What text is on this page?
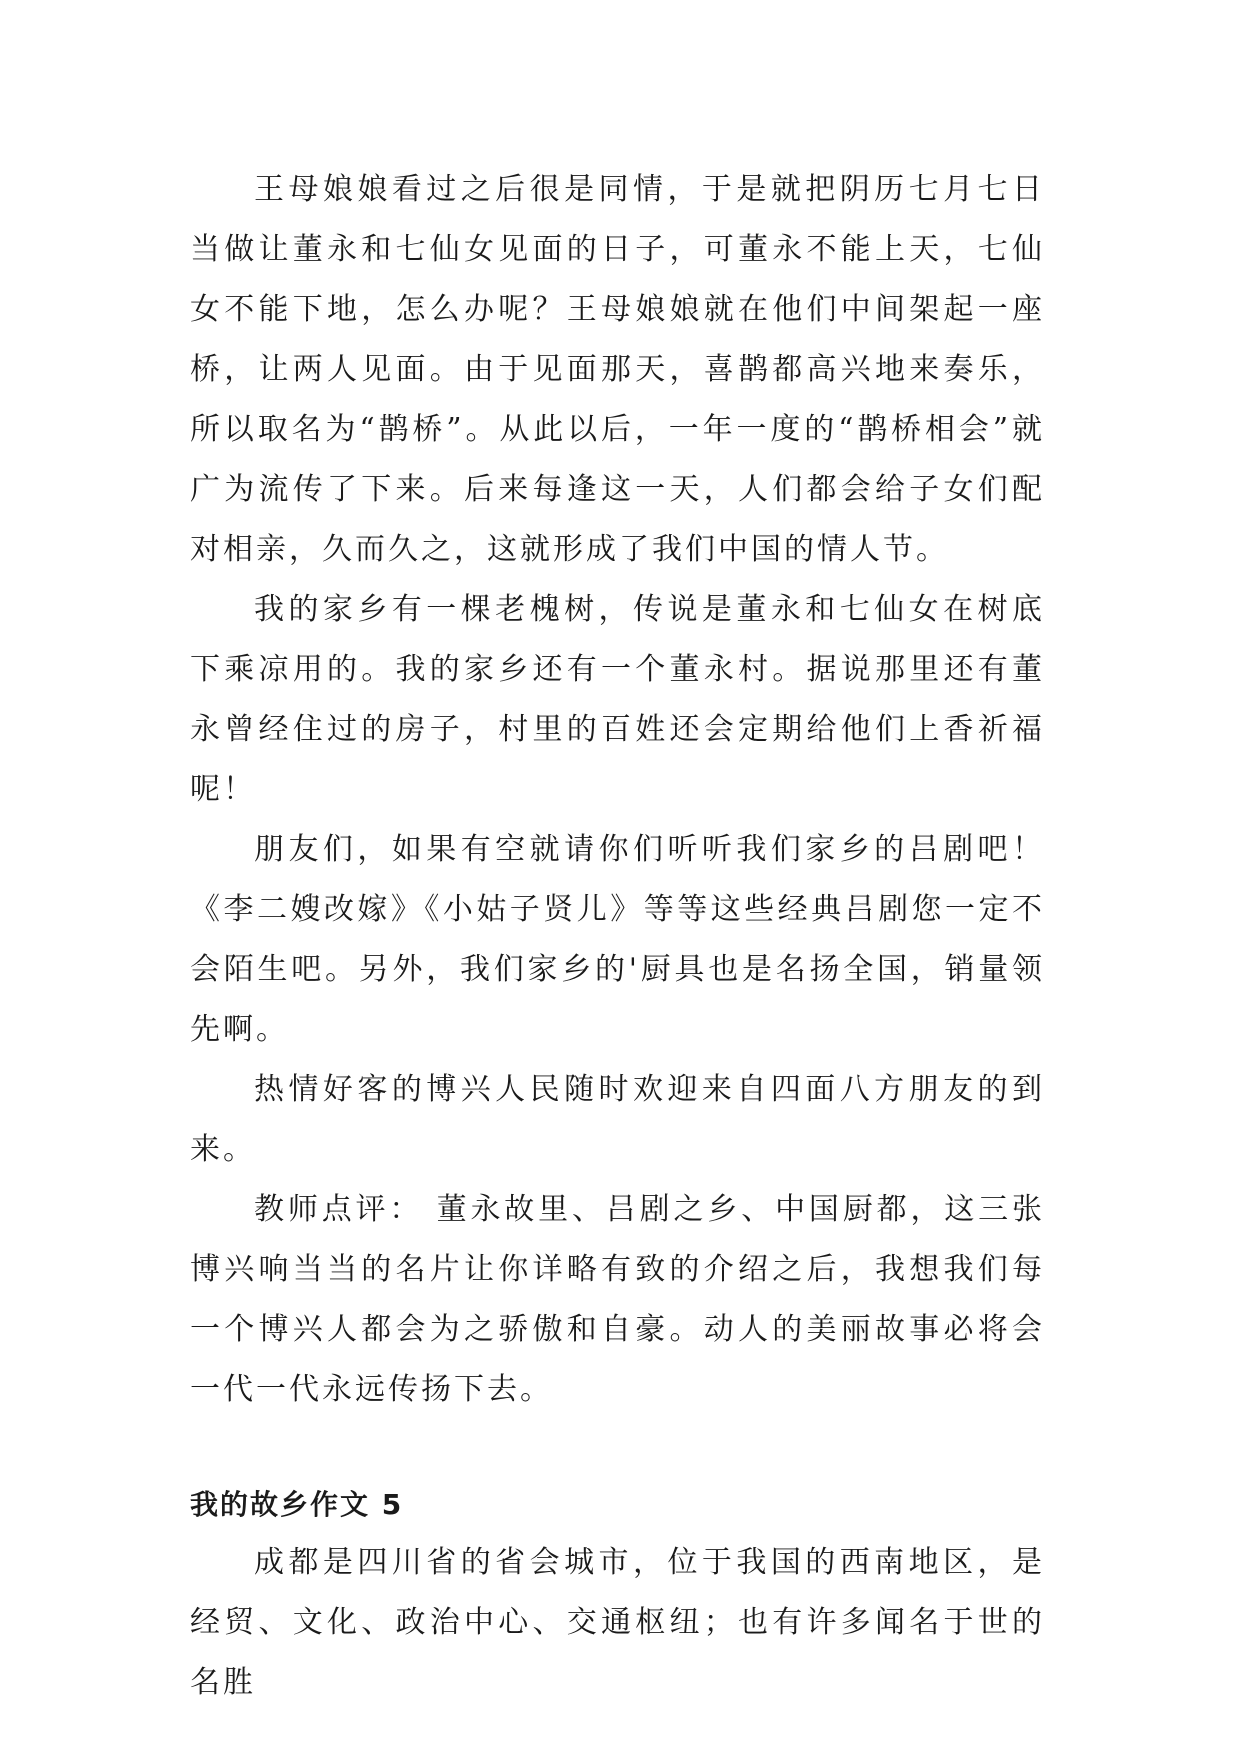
王母娘娘看过之后很是同情，于是就把阴历七月七日当做让董永和七仙女见面的日子，可董永不能上天，七仙女不能下地，怎么办呢？王母娘娘就在他们中间架起一座桥，让两人见面。由于见面那天，喜鹊都高兴地来奏乐，所以取名为“鹊桥”。从此以后，一年一度的“鹊桥相会”就广为流传了下来。后来每逢这一天，人们都会给子女们配对相亲，久而久之，这就形成了我们中国的情人节。

我的家乡有一棵老槐树，传说是董永和七仙女在树底下乘凉用的。我的家乡还有一个董永村。据说那里还有董永曾经住过的房子，村里的百姓还会定期给他们上香祈福呢！

朋友们，如果有空就请你们听听我们家乡的吕剧吧！《李二嫂改嫁》《小姑子贤儿》等等这些经典吕剧您一定不会陌生吧。另外，我们家乡的'厨具也是名扬全国，销量领先啊。

热情好客的博兴人民随时欢迎来自四面八方朋友的到来。

教师点评： 董永故里、吕剧之乡、中国厨都，这三张博兴响当当的名片让你详略有致的介绍之后，我想我们每一个博兴人都会为之骄傲和自豪。动人的美丽故事必将会一代一代永远传扬下去。

我的故乡作文 5

成都是四川省的省会城市，位于我国的西南地区，是经贸、文化、政治中心、交通枢纽；也有许多闻名于世的名胜
